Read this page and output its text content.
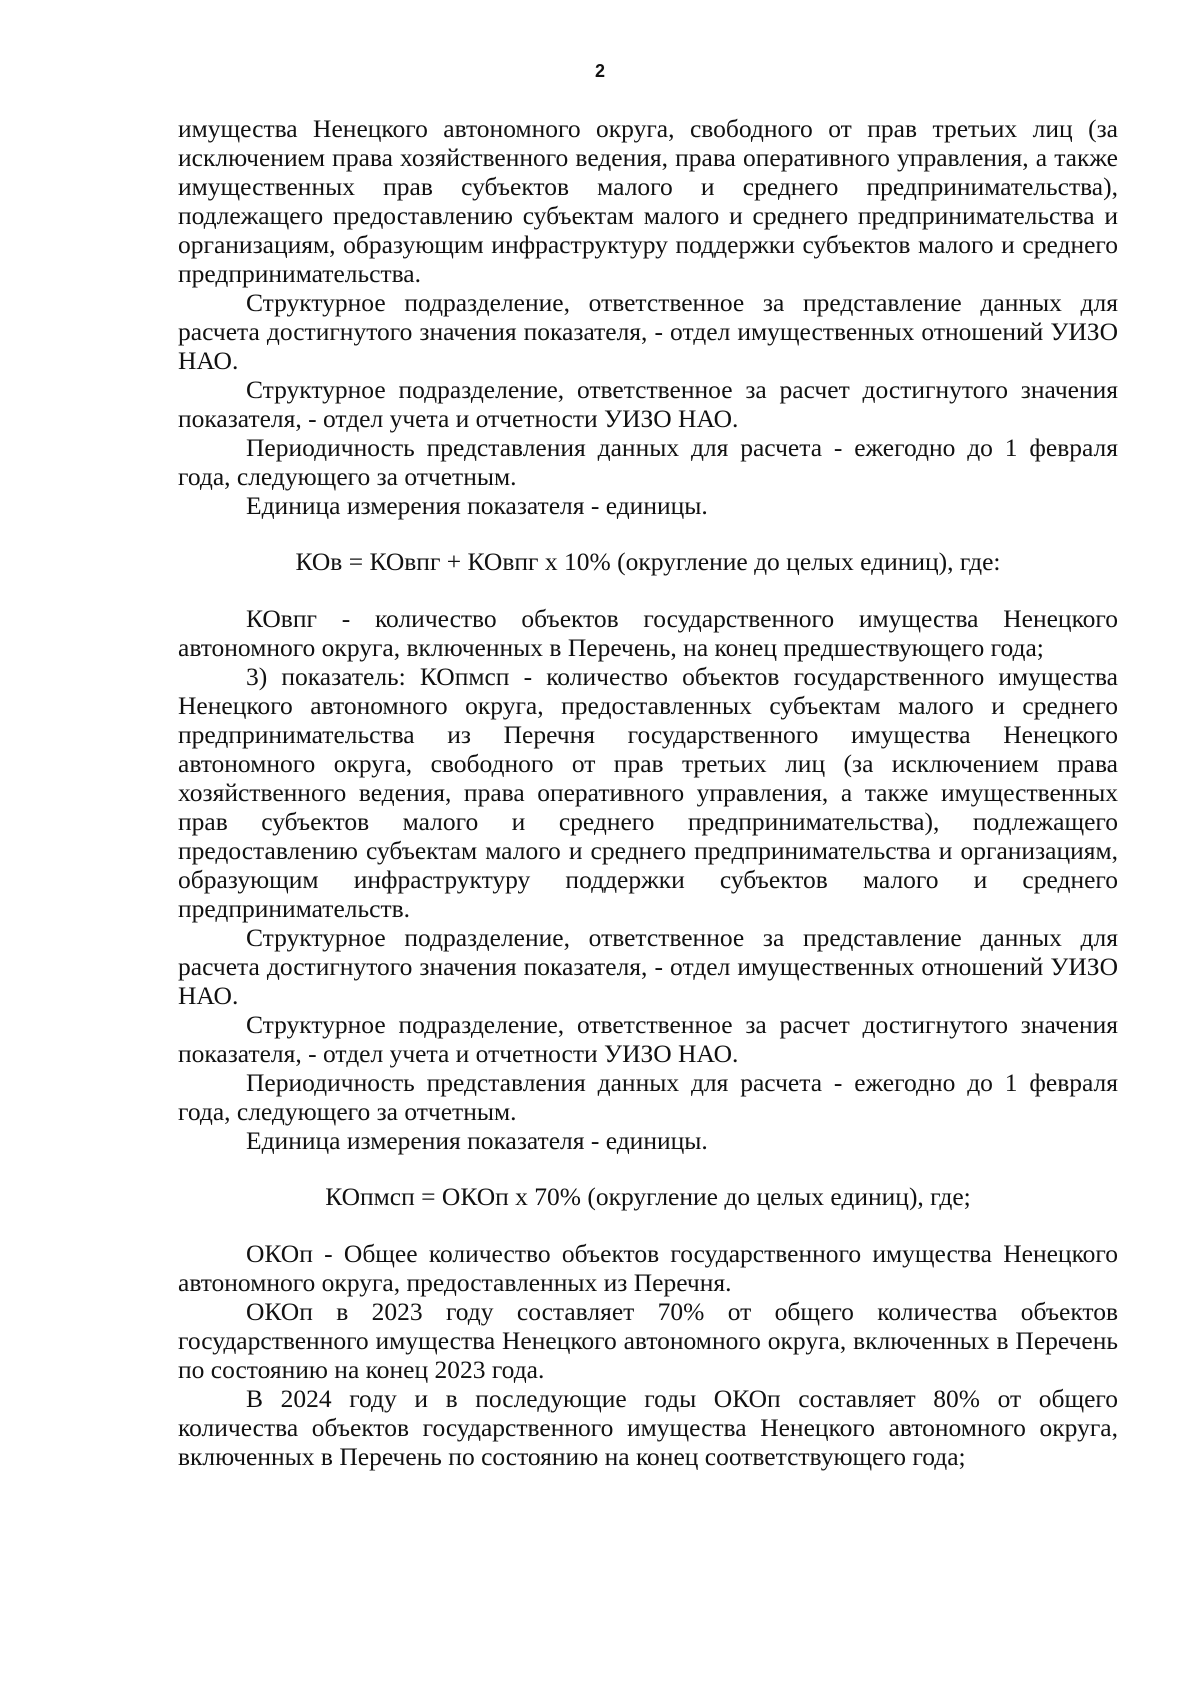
2

имущества Ненецкого автономного округа, свободного от прав третьих лиц (за исключением права хозяйственного ведения, права оперативного управления, а также имущественных прав субъектов малого и среднего предпринимательства), подлежащего предоставлению субъектам малого и среднего предпринимательства и организациям, образующим инфраструктуру поддержки субъектов малого и среднего предпринимательства.

Структурное подразделение, ответственное за представление данных для расчета достигнутого значения показателя, - отдел имущественных отношений УИЗО НАО.

Структурное подразделение, ответственное за расчет достигнутого значения показателя, - отдел учета и отчетности УИЗО НАО.

Периодичность представления данных для расчета - ежегодно до 1 февраля года, следующего за отчетным.

Единица измерения показателя - единицы.

КОв = КОвпг + КОвпг х 10% (округление до целых единиц), где:

КОвпг - количество объектов государственного имущества Ненецкого автономного округа, включенных в Перечень, на конец предшествующего года;

3) показатель: КОпмсп - количество объектов государственного имущества Ненецкого автономного округа, предоставленных субъектам малого и среднего предпринимательства из Перечня государственного имущества Ненецкого автономного округа, свободного от прав третьих лиц (за исключением права хозяйственного ведения, права оперативного управления, а также имущественных прав субъектов малого и среднего предпринимательства), подлежащего предоставлению субъектам малого и среднего предпринимательства и организациям, образующим инфраструктуру поддержки субъектов малого и среднего предпринимательств.

Структурное подразделение, ответственное за представление данных для расчета достигнутого значения показателя, - отдел имущественных отношений УИЗО НАО.

Структурное подразделение, ответственное за расчет достигнутого значения показателя, - отдел учета и отчетности УИЗО НАО.

Периодичность представления данных для расчета - ежегодно до 1 февраля года, следующего за отчетным.

Единица измерения показателя - единицы.

КОпмсп = ОКОп х 70% (округление до целых единиц), где;

ОКОп - Общее количество объектов государственного имущества Ненецкого автономного округа, предоставленных из Перечня.

ОКОп в 2023 году составляет 70% от общего количества объектов государственного имущества Ненецкого автономного округа, включенных в Перечень по состоянию на конец 2023 года.

В 2024 году и в последующие годы ОКОп составляет 80% от общего количества объектов государственного имущества Ненецкого автономного округа, включенных в Перечень по состоянию на конец соответствующего года;
